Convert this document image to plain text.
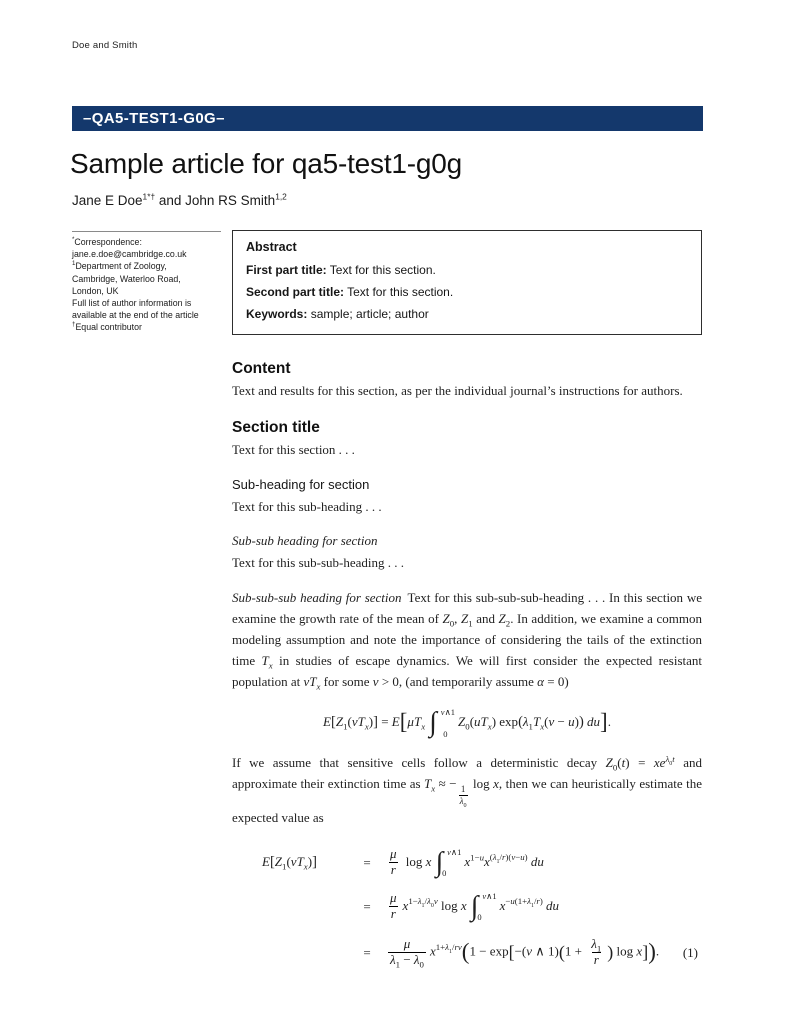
Doe and Smith
–QA5-TEST1-G0G–
Sample article for qa5-test1-g0g
Jane E Doe$^{1*\dagger}$ and John RS Smith$^{1,2}$
*Correspondence:
jane.e.doe@cambridge.co.uk
$^1$Department of Zoology,
Cambridge, Waterloo Road,
London, UK
Full list of author information is
available at the end of the article
†Equal contributor
Abstract
First part title: Text for this section.
Second part title: Text for this section.
Keywords: sample; article; author
Content

Text and results for this section, as per the individual journal’s instructions for authors.

Section title

Text for this section . . .

Sub-heading for section

Text for this sub-heading . . .

Sub-sub heading for section

Text for this sub-sub-heading . . .

Sub-sub-sub heading for section Text for this sub-sub-sub-heading . . . In this section we examine the growth rate of the mean of $Z_0$, $Z_1$ and $Z_2$. In addition, we examine a common modeling assumption and note the importance of considering the tails of the extinction time $T_x$ in studies of escape dynamics. We will first consider the expected resistant population at $vT_x$ for some v > 0, (and temporarily assume α = 0)

$E[Z_1(vT_x)] = E[\mu T_x$ ∫ v∧1
0
$Z_0(uT_x) \exp(\lambda_1T_x(v - u))$ du].

If we assume that sensitive cells follow a deterministic decay $Z_0(t) = xe^{\lambda_0t}$ and approximate their extinction time as $T_x$ ≈ −
$\frac{1}{\lambda_0}$
log x, then we can heuristically estimate the expected value as

$E[Z_1(vT_x)]$	=	$\frac{\mu}{r}$ log x ∫ v∧1
0
$x^{1-u}x^{(\lambda_1/r)(v-u)}$ du
=	$\frac{\mu}{r} x^{1-\lambda_1/\lambda_0v}$ log x ∫ v∧1
0
$x^{-u(1+\lambda_1/r)}$ du
=	$\frac{\mu}{\lambda_1 - \lambda_0} x^{1+\lambda_1/rv}(1 - \exp[-(v$ ∧ $1)(1 + \frac{\lambda_1}{r}$ ) log x]). (1)
